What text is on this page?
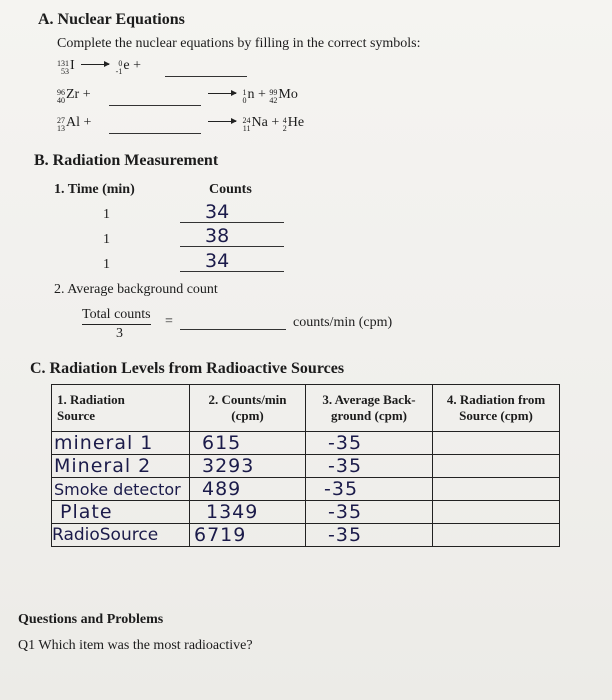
A. Nuclear Equations
Complete the nuclear equations by filling in the correct symbols:
131
53 I
	0
-1 e +
96
40 Zr +
	1
0 n + 99
42 Mo
27
13 Al +
	24
11 Na + 4
2 He
B. Radiation Measurement
1. Time (min)	Counts
1	34
1	38
1	34
2. Average background count
Total counts
3
=	counts/min (cpm)
C. Radiation Levels from Radioactive Sources
1. Radiation Source	2. Counts/min (cpm)	3. Average Back-ground (cpm)	4. Radiation from Source (cpm)

mineral 1	615	-35	
Mineral 2	3293	-35	
Smoke detector	489	-35	
Plate	1349	-35	
RadioSource	6719	-35	
Questions and Problems
Q1 Which item was the most radioactive?
